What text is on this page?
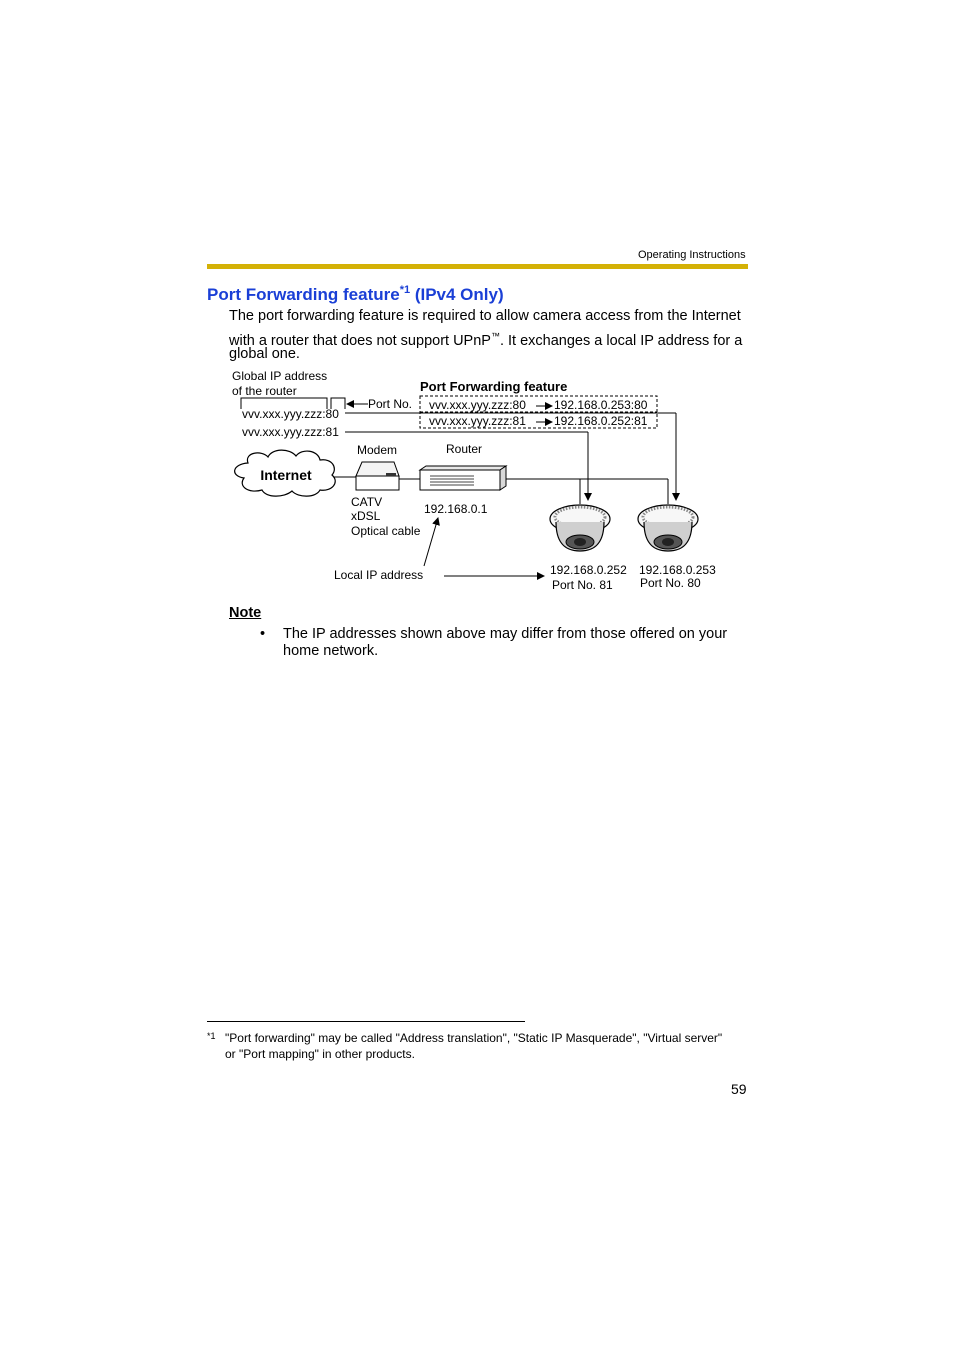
Operating Instructions
Port Forwarding feature$^{*1}$ (IPv4 Only)
The port forwarding feature is required to allow camera access from the Internet
with a router that does not support UPnP™. It exchanges a local IP address for a
global one.
Global IP address
of the router
Port No.
vvv.xxx.yyy.zzz:80
vvv.xxx.yyy.zzz:81
Port Forwarding feature
vvv.xxx.yyy.zzz:80 192.168.0.253:80
vvv.xxx.yyy.zzz:81 192.168.0.252:81
Internet
Modem	Router
CATV
xDSL
Optical cable
192.168.0.1
Local IP address	192.168.0.252
Port No. 81
192.168.0.253
Port No. 80
Note
• The IP addresses shown above may differ from those offered on your
home network.
$^{*1}$ "Port forwarding" may be called "Address translation", "Static IP Masquerade", "Virtual server"
or "Port mapping" in other products.
59
